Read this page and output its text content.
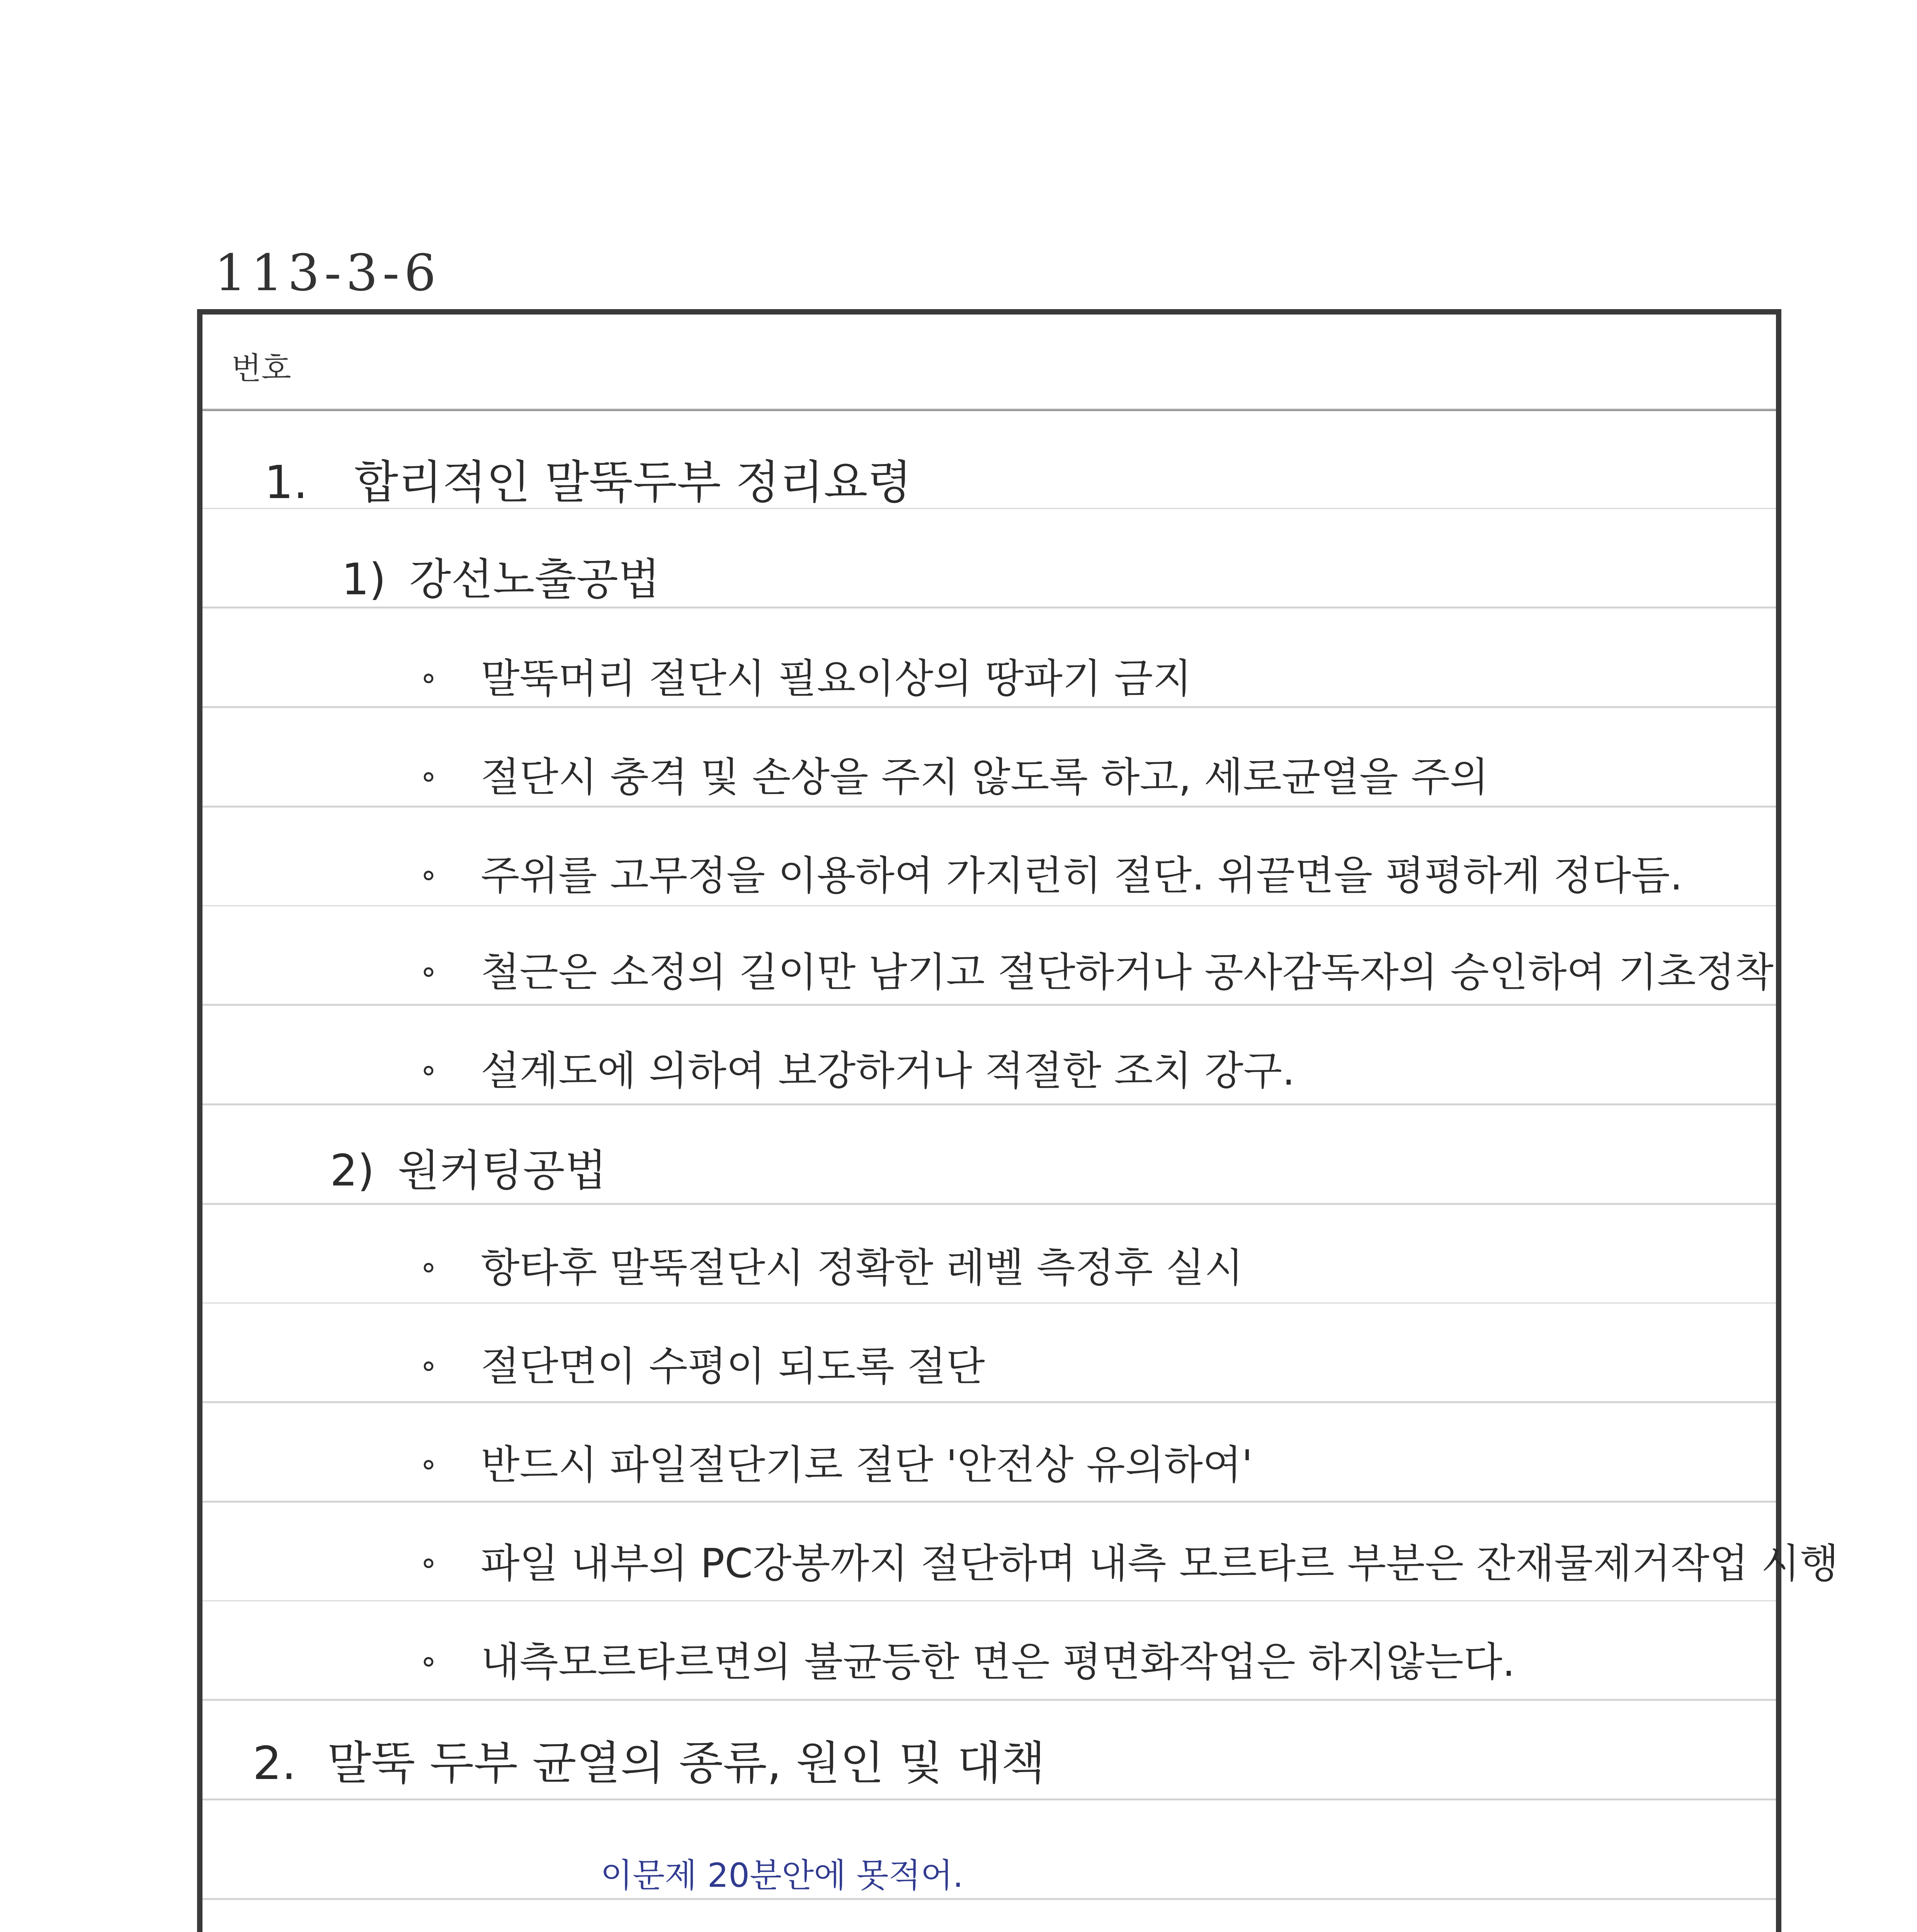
113-3-6
번호
1. 합리적인 말뚝두부 정리요령
1) 강선노출공법
∘ 말뚝머리 절단시 필요이상의 땅파기 금지
∘ 절단시 충격 및 손상을 주지 않도록 하고, 세로균열을 주의
∘ 주위를 고무정을 이용하여 가지런히 절단. 위끝면을 평평하게 정다듬.
∘ 철근은 소정의 길이만 남기고 절단하거나 공사감독자의 승인하여 기초정착
∘ 설계도에 의하여 보강하거나 적절한 조치 강구.
2) 원커팅공법
∘ 항타후 말뚝절단시 정확한 레벨 측정후 실시
∘ 절단면이 수평이 되도록 절단
∘ 반드시 파일절단기로 절단 '안전상 유의하여'
∘ 파일 내부의 PC강봉까지 절단하며 내측 모르타르 부분은 잔재물제거작업 시행
∘ 내측모르타르면의 불균등한 면은 평면화작업은 하지않는다.
2. 말뚝 두부 균열의 종류, 원인 및 대책
이문제 20분안에 못적어.
